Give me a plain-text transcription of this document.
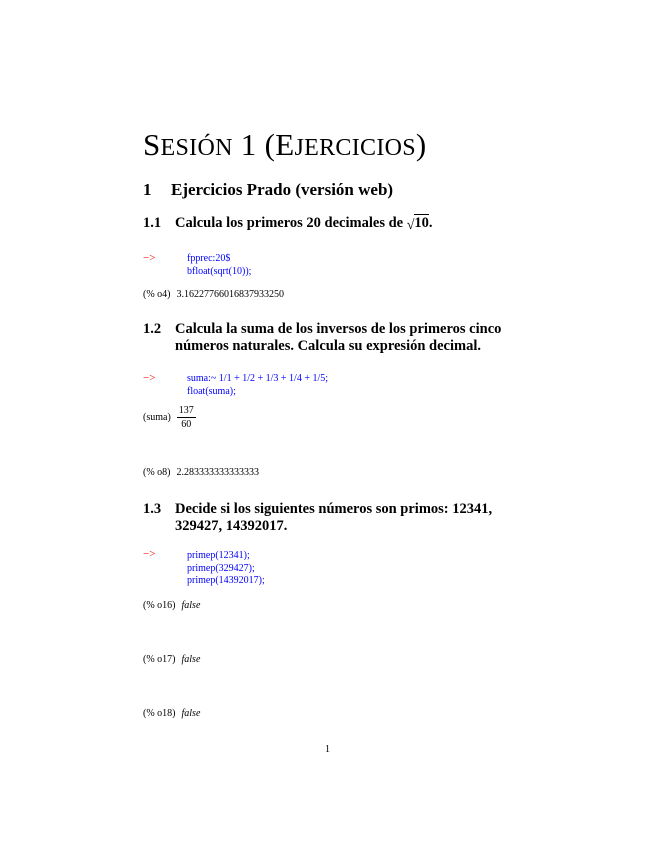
SESIÓN 1 (EJERCICIOS)
1 Ejercicios Prado (versión web)
1.1 Calcula los primeros 20 decimales de √10.
−>	fpprec:20$
bfloat(sqrt(10));
(% o4) 3.16227766016837933250
1.2 Calcula la suma de los inversos de los primeros cinco
números naturales. Calcula su expresión decimal.
−>	suma:~ 1/1 + 1/2 + 1/3 + 1/4 + 1/5;
float(suma);
(suma) $\frac{137}{60}$
(% o8) 2.283333333333333
1.3 Decide si los siguientes números son primos: 12341,
329427, 14392017.
−>	primep(12341);
primep(329427);
primep(14392017);
(% o16) false
(% o17) false
(% o18) false
1
